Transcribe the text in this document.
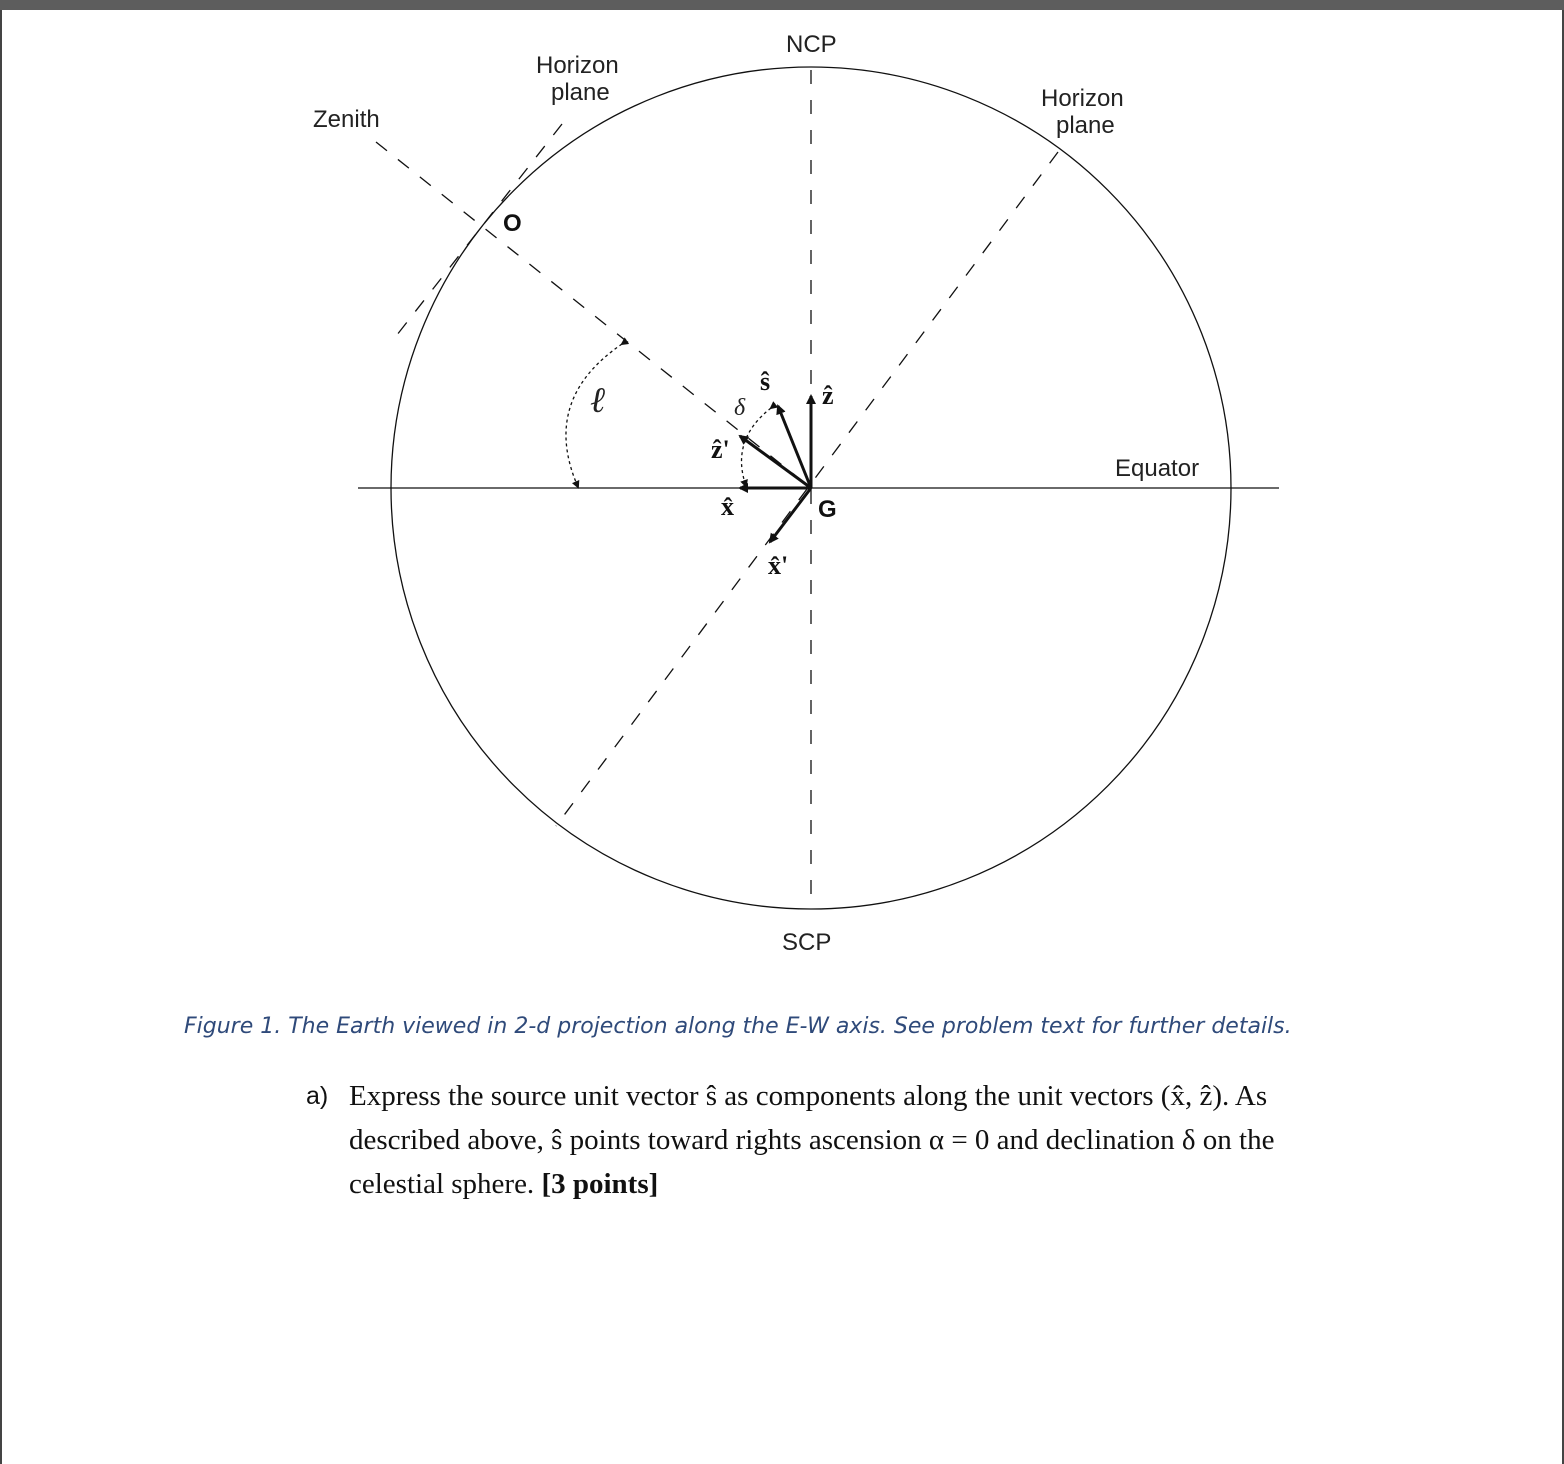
NCP
SCP
Zenith
Horizon
plane	Horizon
plane
Equator
O
G
ℓ	δ
ŝ ẑ
ẑ'
x̂
x̂'
Figure 1. The Earth viewed in 2-d projection along the E-W axis. See problem text for further details.
a) Express the source unit vector ŝ as components along the unit vectors (x̂, ẑ). As described above, ŝ points toward rights ascension α = 0 and declination δ on the celestial sphere. [3 points]
